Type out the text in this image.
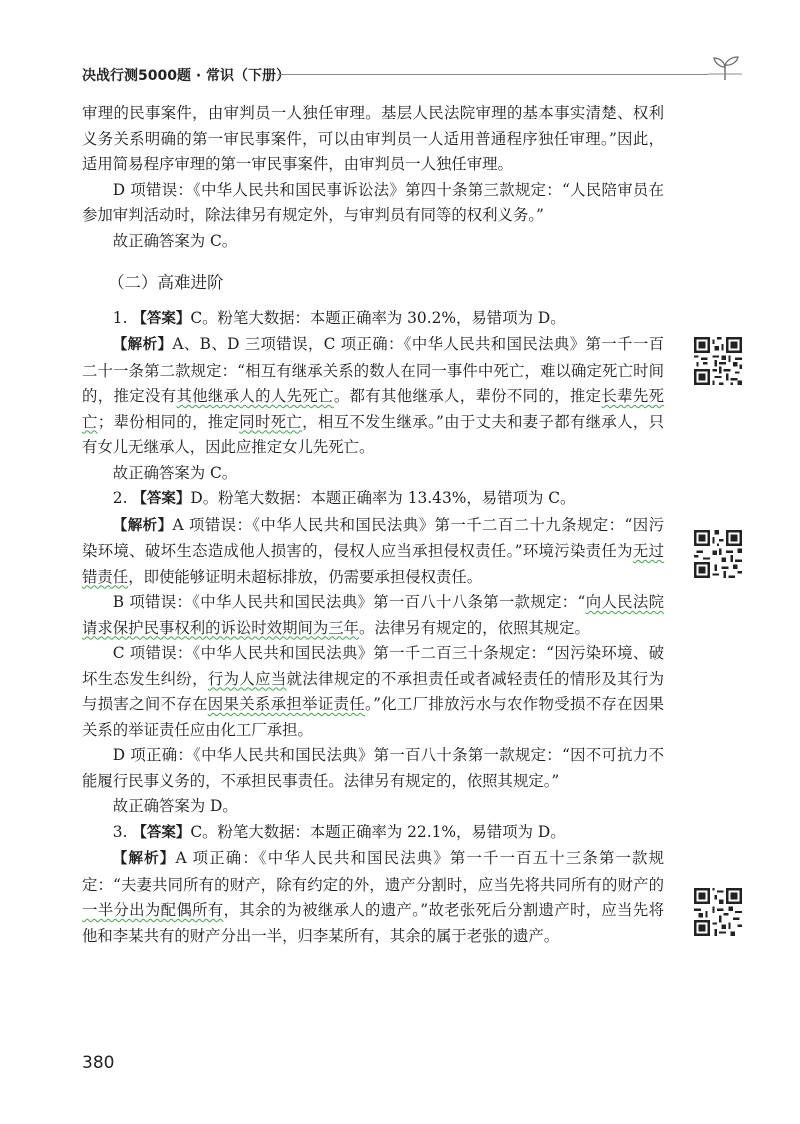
决战行测5000题 · 常识（下册）

审理的民事案件，由审判员一人独任审理。基层人民法院审理的基本事实清楚、权利义务关系明确的第一审民事案件，可以由审判员一人适用普通程序独任审理。”因此，适用简易程序审理的第一审民事案件，由审判员一人独任审理。

D 项错误：《中华人民共和国民事诉讼法》第四十条第三款规定：“人民陪审员在参加审判活动时，除法律另有规定外，与审判员有同等的权利义务。”

故正确答案为 C。

（二）高难进阶

1. 【答案】C。粉笔大数据：本题正确率为 30.2%，易错项为 D。

【解析】A、B、D 三项错误，C 项正确：《中华人民共和国民法典》第一千一百二十一条第二款规定：“相互有继承关系的数人在同一事件中死亡，难以确定死亡时间的，推定没有其他继承人的人先死亡。都有其他继承人，辈份不同的，推定长辈先死亡；辈份相同的，推定同时死亡，相互不发生继承。”由于丈夫和妻子都有继承人，只有女儿无继承人，因此应推定女儿先死亡。

故正确答案为 C。

2. 【答案】D。粉笔大数据：本题正确率为 13.43%，易错项为 C。

【解析】A 项错误：《中华人民共和国民法典》第一千二百二十九条规定：“因污染环境、破坏生态造成他人损害的，侵权人应当承担侵权责任。”环境污染责任为无过错责任，即使能够证明未超标排放，仍需要承担侵权责任。

B 项错误：《中华人民共和国民法典》第一百八十八条第一款规定：“向人民法院请求保护民事权利的诉讼时效期间为三年。法律另有规定的，依照其规定。

C 项错误：《中华人民共和国民法典》第一千二百三十条规定：“因污染环境、破坏生态发生纠纷，行为人应当就法律规定的不承担责任或者减轻责任的情形及其行为与损害之间不存在因果关系承担举证责任。”化工厂排放污水与农作物受损不存在因果关系的举证责任应由化工厂承担。

D 项正确：《中华人民共和国民法典》第一百八十条第一款规定：“因不可抗力不能履行民事义务的，不承担民事责任。法律另有规定的，依照其规定。”

故正确答案为 D。

3. 【答案】C。粉笔大数据：本题正确率为 22.1%，易错项为 D。

【解析】A 项正确：《中华人民共和国民法典》第一千一百五十三条第一款规定：“夫妻共同所有的财产，除有约定的外，遗产分割时，应当先将共同所有的财产的一半分出为配偶所有，其余的为被继承人的遗产。”故老张死后分割遗产时，应当先将他和李某共有的财产分出一半，归李某所有，其余的属于老张的遗产。

380
